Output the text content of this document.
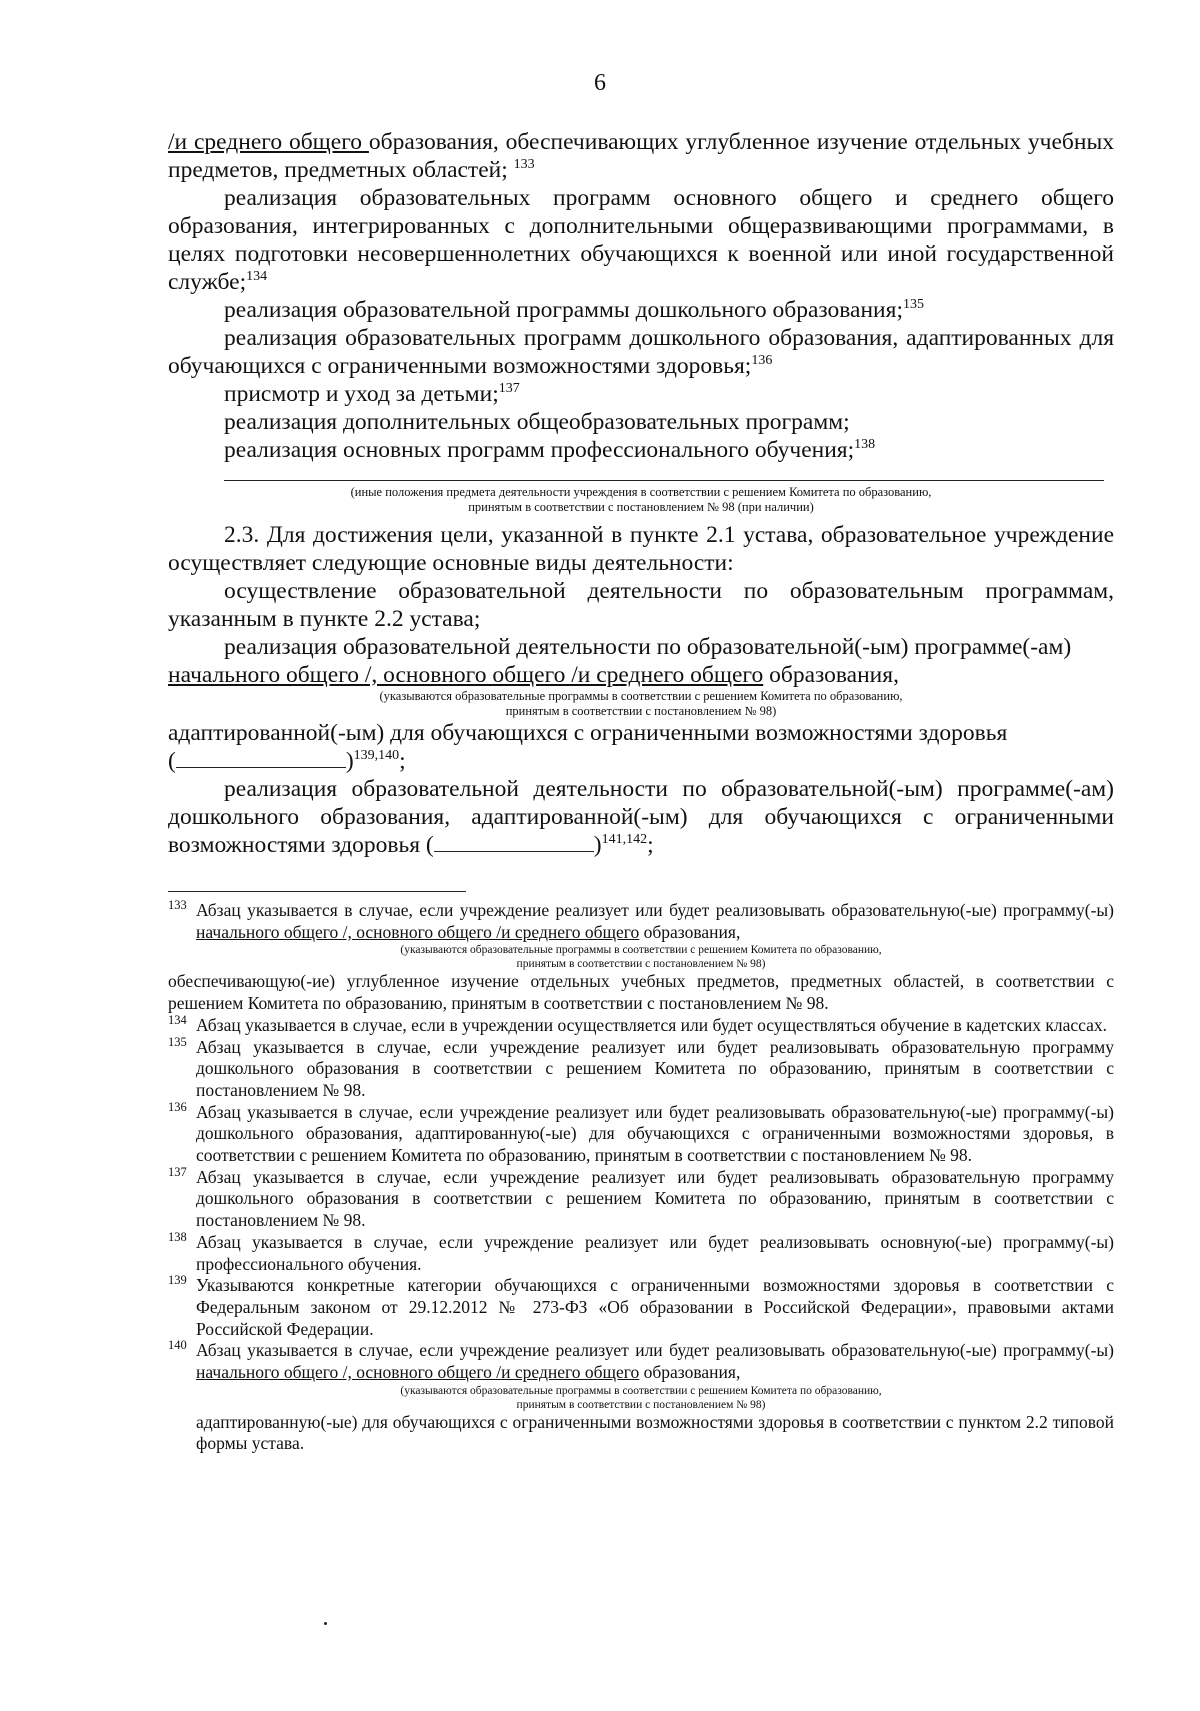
6

/и среднего общего образования, обеспечивающих углубленное изучение отдельных учебных предметов, предметных областей; $^{133}$

реализация образовательных программ основного общего и среднего общего образования, интегрированных с дополнительными общеразвивающими программами, в целях подготовки несовершеннолетних обучающихся к военной или иной государственной службе;$^{134}$

реализация образовательной программы дошкольного образования;$^{135}$

реализация образовательных программ дошкольного образования, адаптированных для обучающихся с ограниченными возможностями здоровья;$^{136}$

присмотр и уход за детьми;$^{137}$

реализация дополнительных общеобразовательных программ;

реализация основных программ профессионального обучения;$^{138}$

(иные положения предмета деятельности учреждения в соответствии с решением Комитета по образованию,

принятым в соответствии с постановлением № 98 (при наличии)

2.3. Для достижения цели, указанной в пункте 2.1 устава, образовательное учреждение осуществляет следующие основные виды деятельности:

осуществление образовательной деятельности по образовательным программам, указанным в пункте 2.2 устава;

реализация образовательной деятельности по образовательной(-ым) программе(-ам)

начального общего /, основного общего /и среднего общего образования,

(указываются образовательные программы в соответствии с решением Комитета по образованию,

принятым в соответствии с постановлением № 98)

адаптированной(-ым) для обучающихся с ограниченными возможностями здоровья

(	)$^{139,140}$;

реализация образовательной деятельности по образовательной(-ым) программе(-ам) дошкольного образования, адаптированной(-ым) для обучающихся с ограниченными возможностями здоровья (	)$^{141,142}$;

133 Абзац указывается в случае, если учреждение реализует или будет реализовывать образовательную(-ые) программу(-ы) начального общего /, основного общего /и среднего общего образования,

(указываются образовательные программы в соответствии с решением Комитета по образованию,

принятым в соответствии с постановлением № 98)

обеспечивающую(-ие) углубленное изучение отдельных учебных предметов, предметных областей, в соответствии с решением Комитета по образованию, принятым в соответствии с постановлением № 98.

134 Абзац указывается в случае, если в учреждении осуществляется или будет осуществляться обучение в кадетских классах.

135 Абзац указывается в случае, если учреждение реализует или будет реализовывать образовательную программу дошкольного образования в соответствии с решением Комитета по образованию, принятым в соответствии с постановлением № 98.

136 Абзац указывается в случае, если учреждение реализует или будет реализовывать образовательную(-ые) программу(-ы) дошкольного образования, адаптированную(-ые) для обучающихся с ограниченными возможностями здоровья, в соответствии с решением Комитета по образованию, принятым в соответствии с постановлением № 98.

137 Абзац указывается в случае, если учреждение реализует или будет реализовывать образовательную программу дошкольного образования в соответствии с решением Комитета по образованию, принятым в соответствии с постановлением № 98.

138 Абзац указывается в случае, если учреждение реализует или будет реализовывать основную(-ые) программу(-ы) профессионального обучения.

139 Указываются конкретные категории обучающихся с ограниченными возможностями здоровья в соответствии с Федеральным законом от 29.12.2012 № 273-ФЗ «Об образовании в Российской Федерации», правовыми актами Российской Федерации.

140 Абзац указывается в случае, если учреждение реализует или будет реализовывать образовательную(-ые) программу(-ы) начального общего /, основного общего /и среднего общего образования,

(указываются образовательные программы в соответствии с решением Комитета по образованию,

принятым в соответствии с постановлением № 98)

адаптированную(-ые) для обучающихся с ограниченными возможностями здоровья в соответствии с пунктом 2.2 типовой формы устава.
